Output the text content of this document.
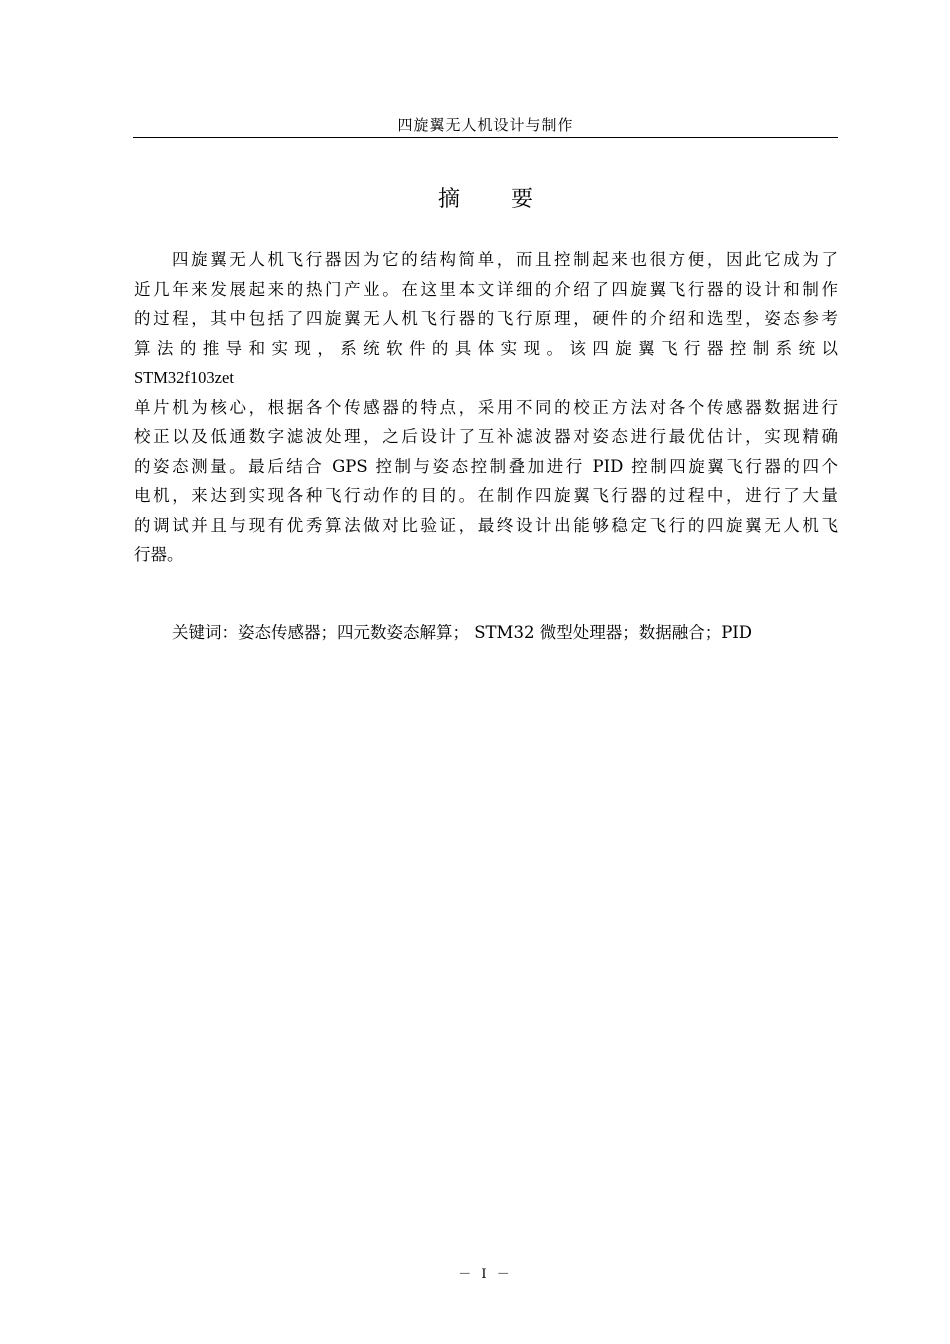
四旋翼无人机设计与制作
摘 要
四旋翼无人机飞行器因为它的结构简单，而且控制起来也很方便，因此它成为了
近几年来发展起来的热门产业。在这里本文详细的介绍了四旋翼飞行器的设计和制作
的过程，其中包括了四旋翼无人机飞行器的飞行原理，硬件的介绍和选型，姿态参考
算法的推导和实现，系统软件的具体实现。该四旋翼飞行器控制系统以
STM32f103zet
单片机为核心，根据各个传感器的特点，采用不同的校正方法对各个传感器数据进行
校正以及低通数字滤波处理，之后设计了互补滤波器对姿态进行最优估计，实现精确
的姿态测量。最后结合 GPS 控制与姿态控制叠加进行 PID 控制四旋翼飞行器的四个
电机，来达到实现各种飞行动作的目的。在制作四旋翼飞行器的过程中，进行了大量
的调试并且与现有优秀算法做对比验证，最终设计出能够稳定飞行的四旋翼无人机飞
行器。
关键词：姿态传感器；四元数姿态解算； STM32 微型处理器；数据融合；PID
－ I －
